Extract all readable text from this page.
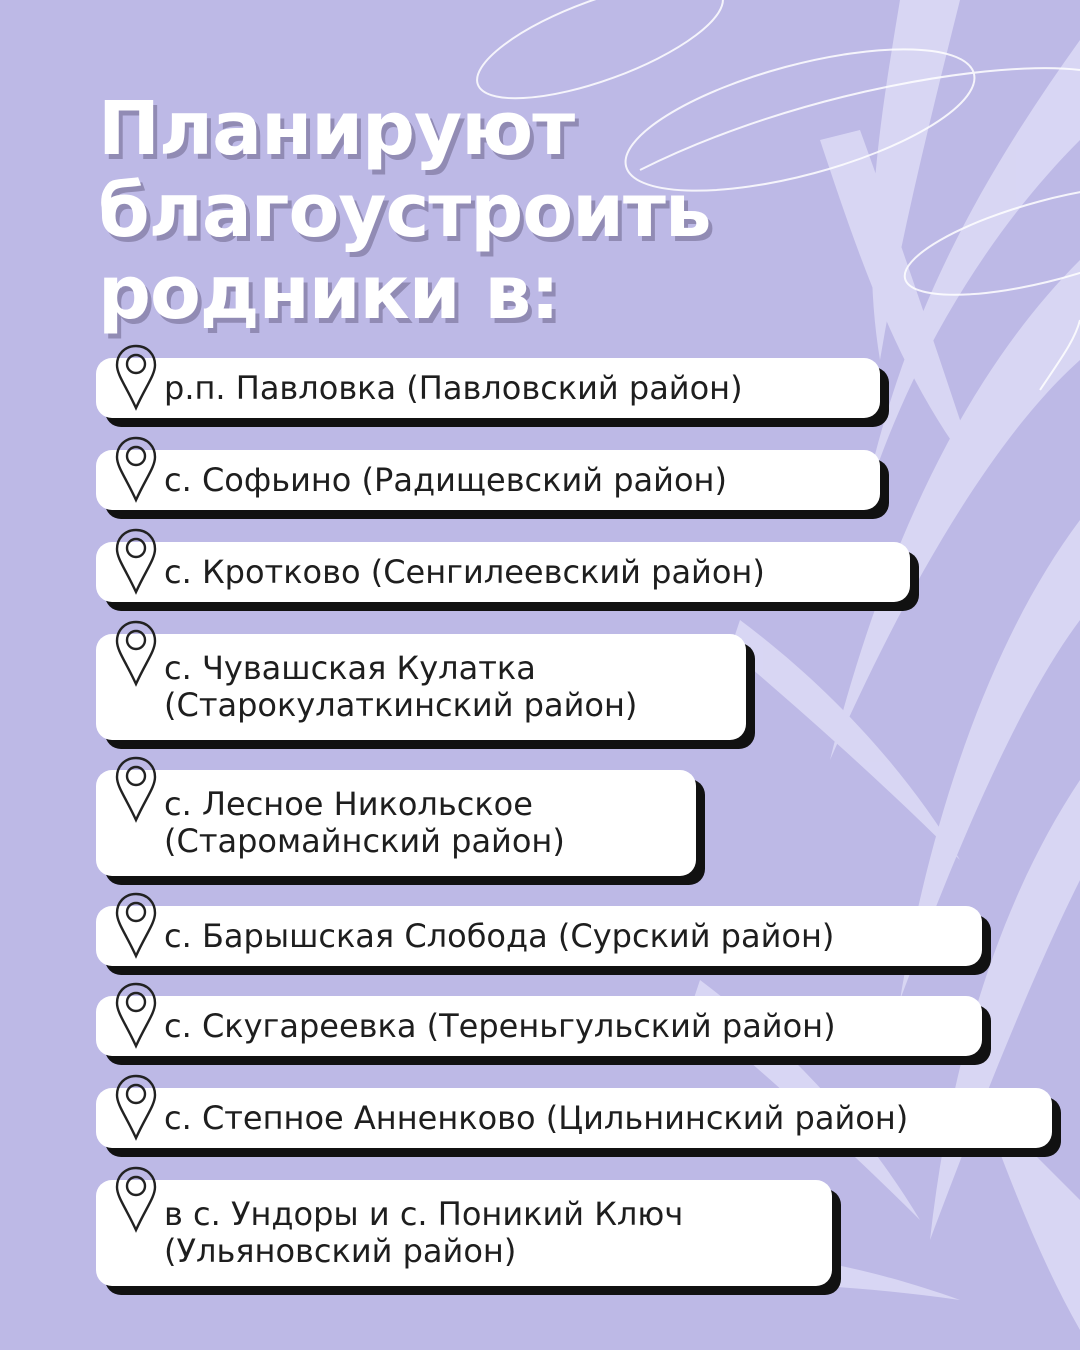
Планируют
благоустроить
родники в:
р.п. Павловка (Павловский район)
с. Софьино (Радищевский район)
с. Кротково (Сенгилеевский район)
с. Чувашская Кулатка
(Старокулаткинский район)
с. Лесное Никольское
(Старомайнский район)
с. Барышская Слобода (Сурский район)
с. Скугареевка (Тереньгульский район)
с. Степное Анненково (Цильнинский район)
в с. Ундоры и с. Поникий Ключ
(Ульяновский район)
